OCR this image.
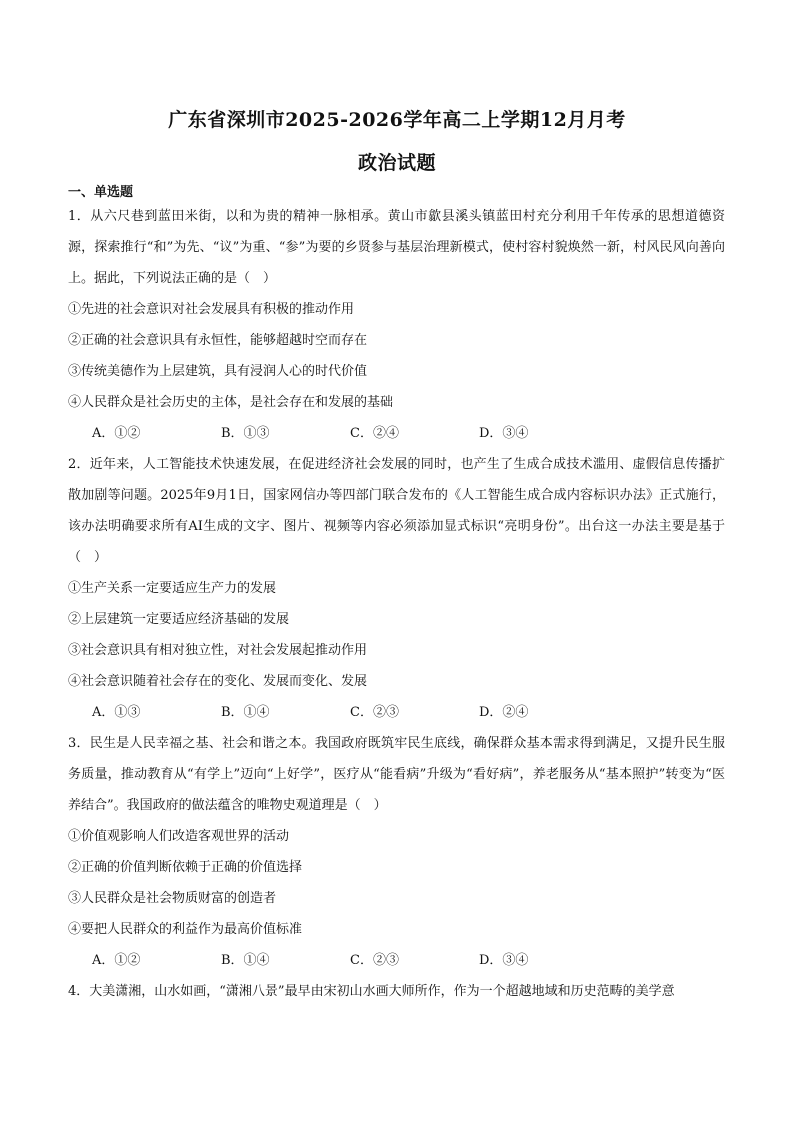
广东省深圳市2025-2026学年高二上学期12月月考
政治试题
一、单选题

1．从六尺巷到蓝田米街，以和为贵的精神一脉相承。黄山市歙县溪头镇蓝田村充分利用千年传承的思想道德资源，探索推行“和”为先、“议”为重、“参”为要的乡贤参与基层治理新模式，使村容村貌焕然一新，村风民风向善向上。据此，下列说法正确的是（　）

①先进的社会意识对社会发展具有积极的推动作用

②正确的社会意识具有永恒性，能够超越时空而存在

③传统美德作为上层建筑，具有浸润人心的时代价值

④人民群众是社会历史的主体，是社会存在和发展的基础

A．①②	B．①③	C．②④	D．③④

2．近年来，人工智能技术快速发展，在促进经济社会发展的同时，也产生了生成合成技术滥用、虚假信息传播扩散加剧等问题。2025年9月1日，国家网信办等四部门联合发布的《人工智能生成合成内容标识办法》正式施行，该办法明确要求所有AI生成的文字、图片、视频等内容必须添加显式标识“亮明身份”。出台这一办法主要是基于（　）

①生产关系一定要适应生产力的发展

②上层建筑一定要适应经济基础的发展

③社会意识具有相对独立性，对社会发展起推动作用

④社会意识随着社会存在的变化、发展而变化、发展

A．①③	B．①④	C．②③	D．②④

3．民生是人民幸福之基、社会和谐之本。我国政府既筑牢民生底线，确保群众基本需求得到满足，又提升民生服务质量，推动教育从“有学上”迈向“上好学”，医疗从“能看病”升级为“看好病”，养老服务从“基本照护”转变为“医养结合”。我国政府的做法蕴含的唯物史观道理是（　）

①价值观影响人们改造客观世界的活动

②正确的价值判断依赖于正确的价值选择

③人民群众是社会物质财富的创造者

④要把人民群众的利益作为最高价值标准

A．①②	B．①④	C．②③	D．③④

4．大美潇湘，山水如画，“潇湘八景”最早由宋初山水画大师所作，作为一个超越地域和历史范畴的美学意
